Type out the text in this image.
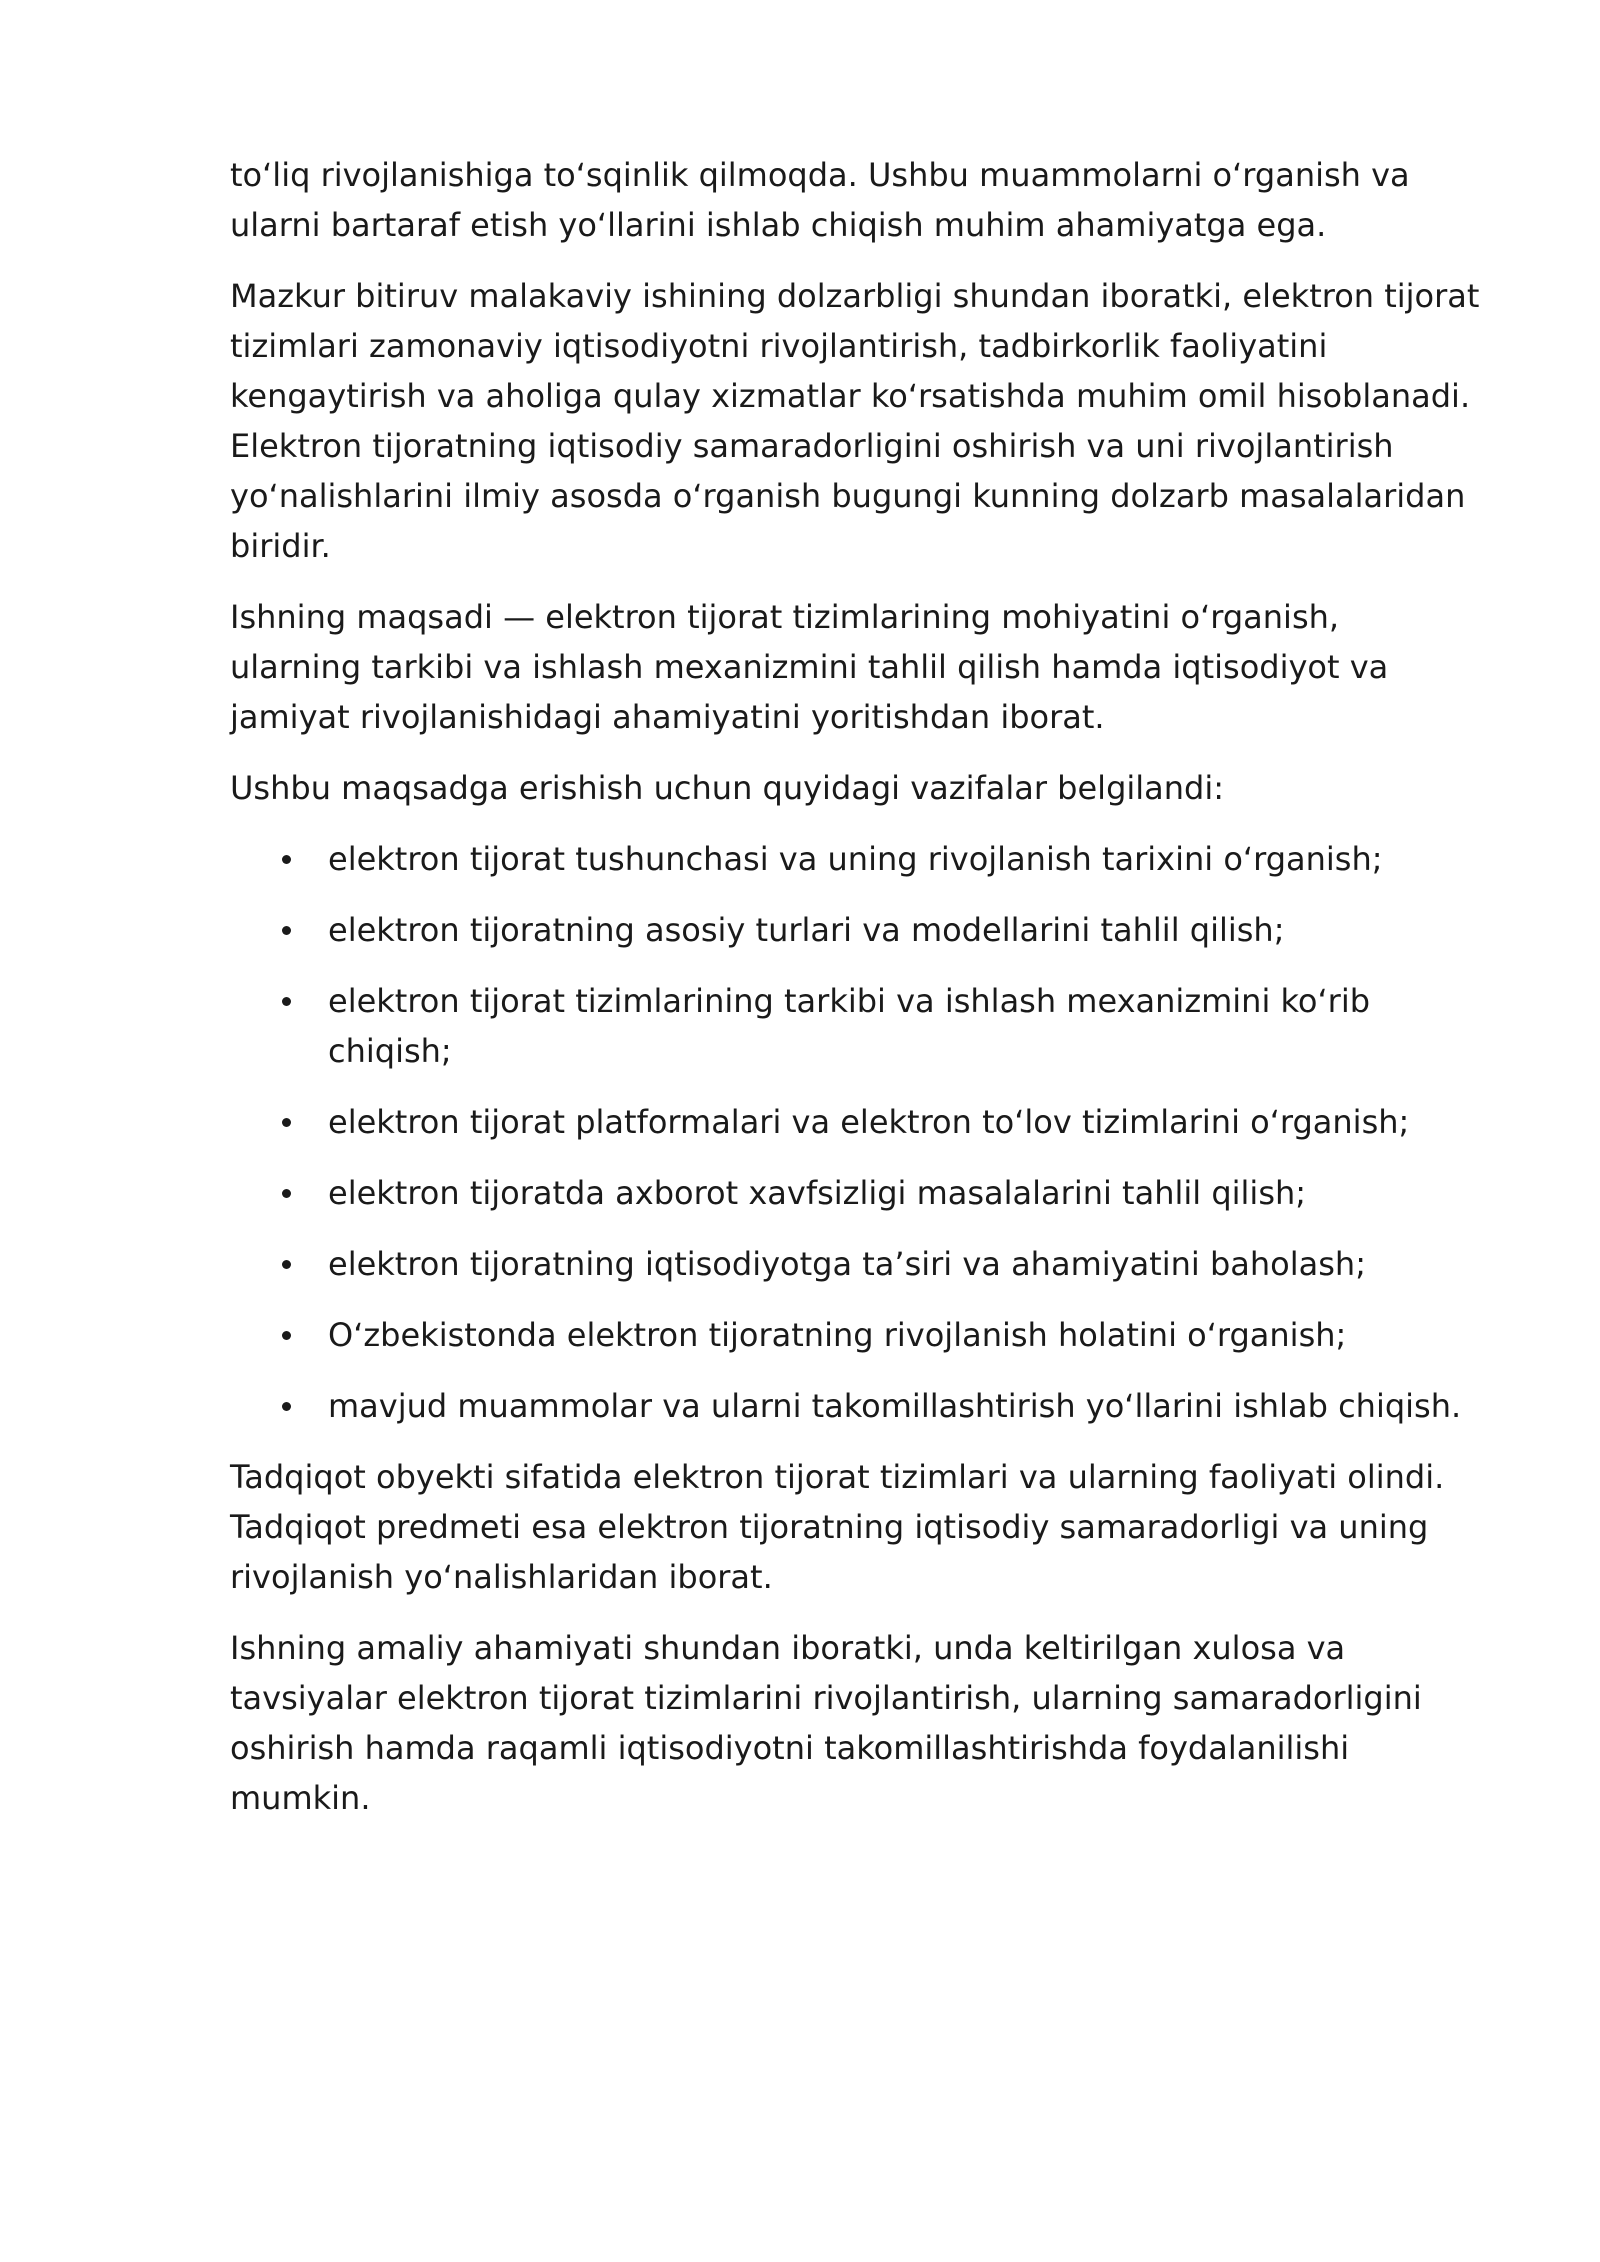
to‘liq rivojlanishiga to‘sqinlik qilmoqda. Ushbu muammolarni o‘rganish va ularni bartaraf etish yo‘llarini ishlab chiqish muhim ahamiyatga ega.

Mazkur bitiruv malakaviy ishining dolzarbligi shundan iboratki, elektron tijorat tizimlari zamonaviy iqtisodiyotni rivojlantirish, tadbirkorlik faoliyatini kengaytirish va aholiga qulay xizmatlar ko‘rsatishda muhim omil hisoblanadi. Elektron tijoratning iqtisodiy samaradorligini oshirish va uni rivojlantirish yo‘nalishlarini ilmiy asosda o‘rganish bugungi kunning dolzarb masalalaridan biridir.

Ishning maqsadi — elektron tijorat tizimlarining mohiyatini o‘rganish, ularning tarkibi va ishlash mexanizmini tahlil qilish hamda iqtisodiyot va jamiyat rivojlanishidagi ahamiyatini yoritishdan iborat.

Ushbu maqsadga erishish uchun quyidagi vazifalar belgilandi:

elektron tijorat tushunchasi va uning rivojlanish tarixini o‘rganish;
elektron tijoratning asosiy turlari va modellarini tahlil qilish;
elektron tijorat tizimlarining tarkibi va ishlash mexanizmini ko‘rib chiqish;
elektron tijorat platformalari va elektron to‘lov tizimlarini o‘rganish;
elektron tijoratda axborot xavfsizligi masalalarini tahlil qilish;
elektron tijoratning iqtisodiyotga ta’siri va ahamiyatini baholash;
O‘zbekistonda elektron tijoratning rivojlanish holatini o‘rganish;
mavjud muammolar va ularni takomillashtirish yo‘llarini ishlab chiqish.

Tadqiqot obyekti sifatida elektron tijorat tizimlari va ularning faoliyati olindi. Tadqiqot predmeti esa elektron tijoratning iqtisodiy samaradorligi va uning rivojlanish yo‘nalishlaridan iborat.

Ishning amaliy ahamiyati shundan iboratki, unda keltirilgan xulosa va tavsiyalar elektron tijorat tizimlarini rivojlantirish, ularning samaradorligini oshirish hamda raqamli iqtisodiyotni takomillashtirishda foydalanilishi mumkin.
